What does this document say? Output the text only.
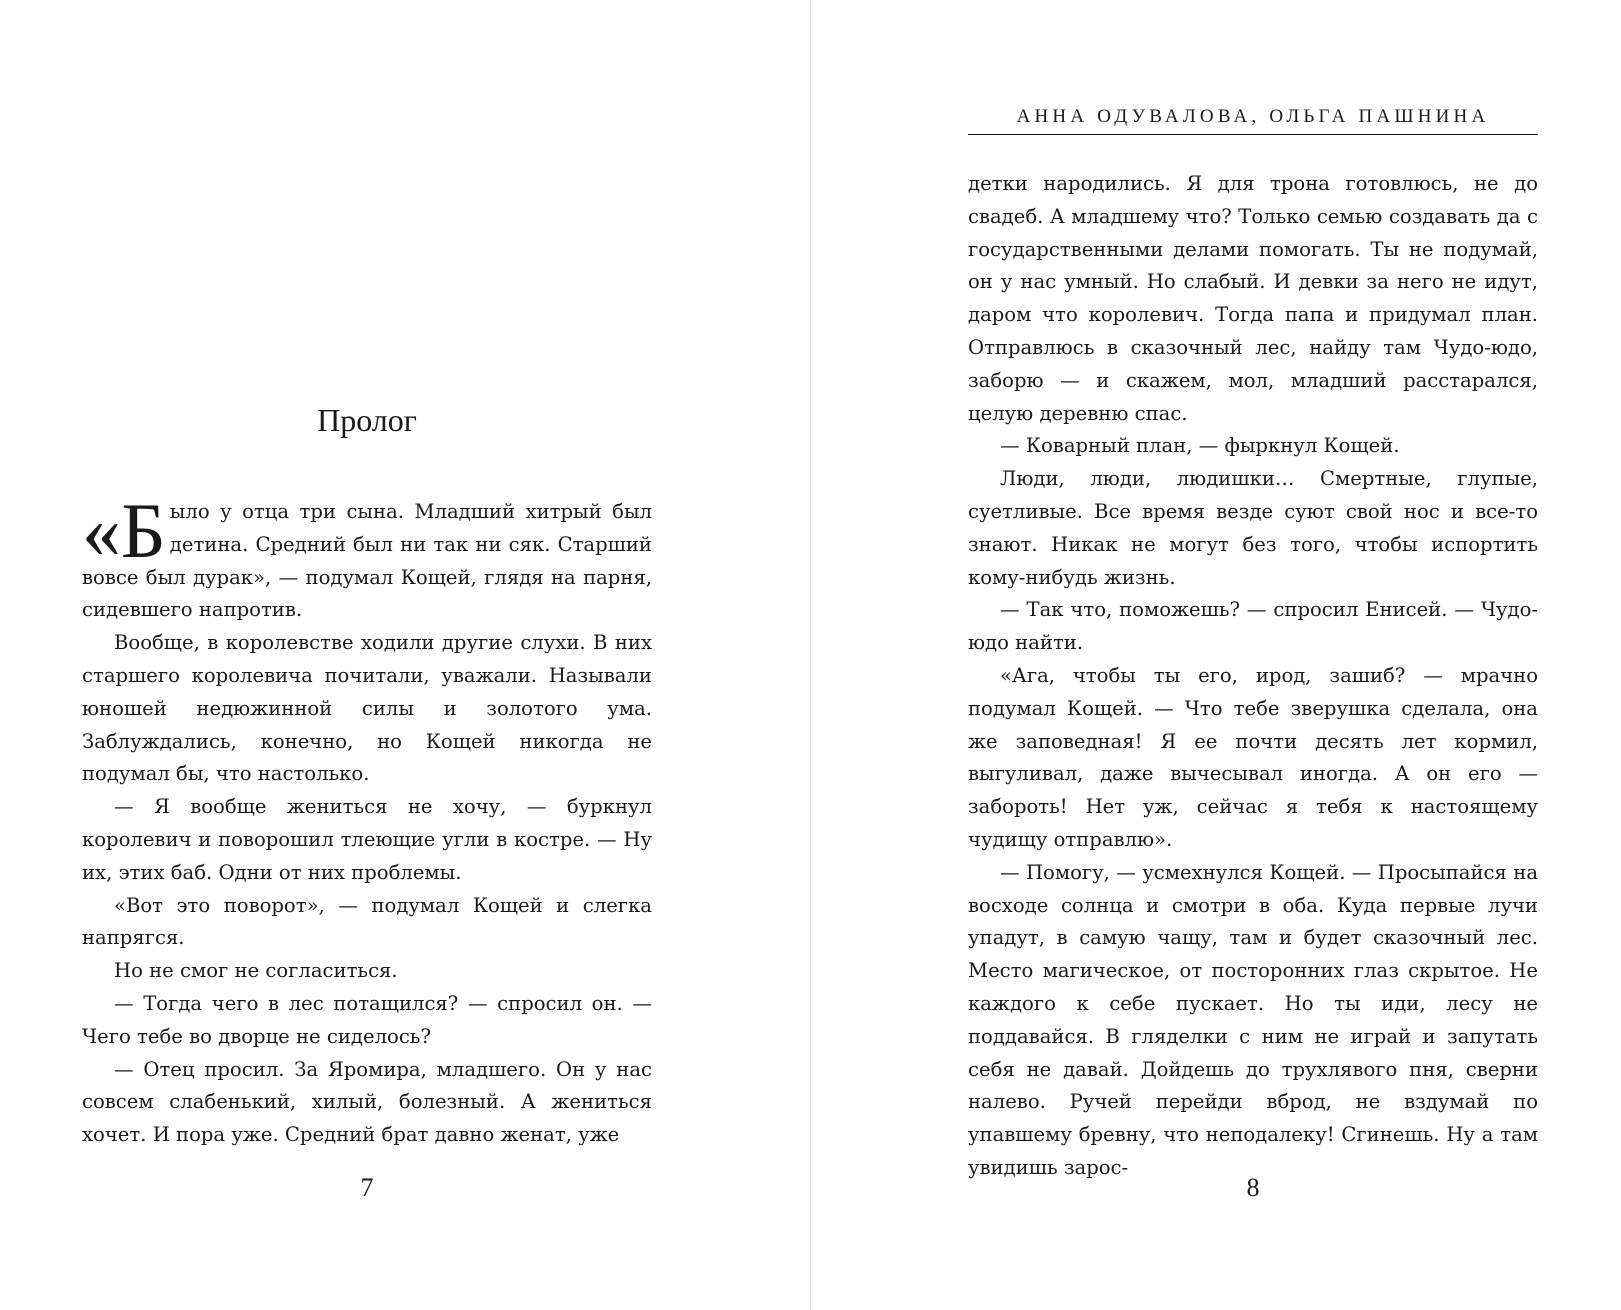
Пролог

«Было у отца три сына. Младший хитрый был детина. Средний был ни так ни сяк. Старший вовсе был дурак», — подумал Кощей, глядя на парня, сидевшего напротив.

Вообще, в королевстве ходили другие слухи. В них старшего королевича почитали, уважали. Называли юношей недюжинной силы и золотого ума. Заблуждались, конечно, но Кощей никогда не подумал бы, что настолько.

— Я вообще жениться не хочу, — буркнул королевич и поворошил тлеющие угли в костре. — Ну их, этих баб. Одни от них проблемы.

«Вот это поворот», — подумал Кощей и слегка напрягся.

Но не смог не согласиться.

— Тогда чего в лес потащился? — спросил он. — Чего тебе во дворце не сиделось?

— Отец просил. За Яромира, младшего. Он у нас совсем слабенький, хилый, болезный. А жениться хочет. И пора уже. Средний брат давно женат, уже

7
АННА ОДУВАЛОВА, ОЛЬГА ПАШНИНА

детки народились. Я для трона готовлюсь, не до свадеб. А младшему что? Только семью создавать да с государственными делами помогать. Ты не подумай, он у нас умный. Но слабый. И девки за него не идут, даром что королевич. Тогда папа и придумал план. Отправлюсь в сказочный лес, найду там Чудо-юдо, заборю — и скажем, мол, младший расстарался, целую деревню спас.

— Коварный план, — фыркнул Кощей.

Люди, люди, людишки… Смертные, глупые, суетливые. Все время везде суют свой нос и все-то знают. Никак не могут без того, чтобы испортить кому-нибудь жизнь.

— Так что, поможешь? — спросил Енисей. — Чудо-юдо найти.

«Ага, чтобы ты его, ирод, зашиб? — мрачно подумал Кощей. — Что тебе зверушка сделала, она же заповедная! Я ее почти десять лет кормил, выгуливал, даже вычесывал иногда. А он его — забороть! Нет уж, сейчас я тебя к настоящему чудищу отправлю».

— Помогу, — усмехнулся Кощей. — Просыпайся на восходе солнца и смотри в оба. Куда первые лучи упадут, в самую чащу, там и будет сказочный лес. Место магическое, от посторонних глаз скрытое. Не каждого к себе пускает. Но ты иди, лесу не поддавайся. В гляделки с ним не играй и запутать себя не давай. Дойдешь до трухлявого пня, сверни налево. Ручей перейди вброд, не вздумай по упавшему бревну, что неподалеку! Сгинешь. Ну а там увидишь зарос-

8
